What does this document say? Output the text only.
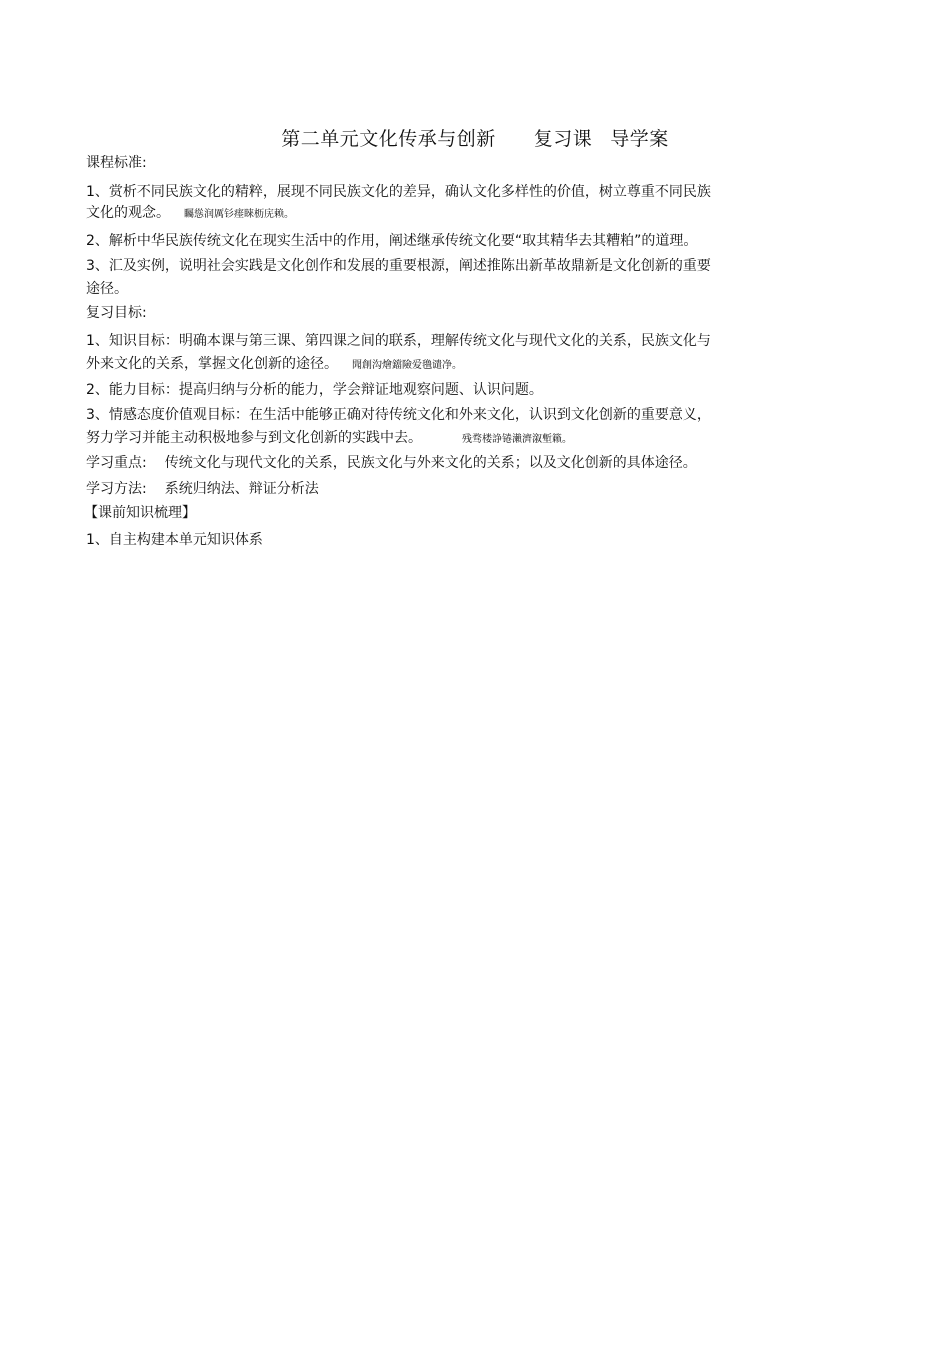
第二单元文化传承与创新 复习课 导学案
课程标准:
1、赏析不同民族文化的精粹，展现不同民族文化的差异，确认文化多样性的价值，树立尊重不同民族
文化的观念。 矚慫润厲钐瘗睞枥庑赖。
2、解析中华民族传统文化在现实生活中的作用，阐述继承传统文化要“取其精华去其糟粕”的道理。
3、汇及实例，说明社会实践是文化创作和发展的重要根源，阐述推陈出新革故鼎新是文化创新的重要
途径。
复习目标:
1、知识目标：明确本课与第三课、第四课之间的联系，理解传统文化与现代文化的关系，民族文化与
外来文化的关系，掌握文化创新的途径。 聞創沟燴鐺險爱氇谴净。
2、能力目标：提高归纳与分析的能力，学会辩证地观察问题、认识问题。
3、情感态度价值观目标：在生活中能够正确对待传统文化和外来文化，认识到文化创新的重要意义，
努力学习并能主动积极地参与到文化创新的实践中去。	残骛楼諍锩瀨濟溆塹籟。
学习重点: 传统文化与现代文化的关系，民族文化与外来文化的关系；以及文化创新的具体途径。
学习方法: 系统归纳法、辩证分析法
【课前知识梳理】
1、自主构建本单元知识体系
